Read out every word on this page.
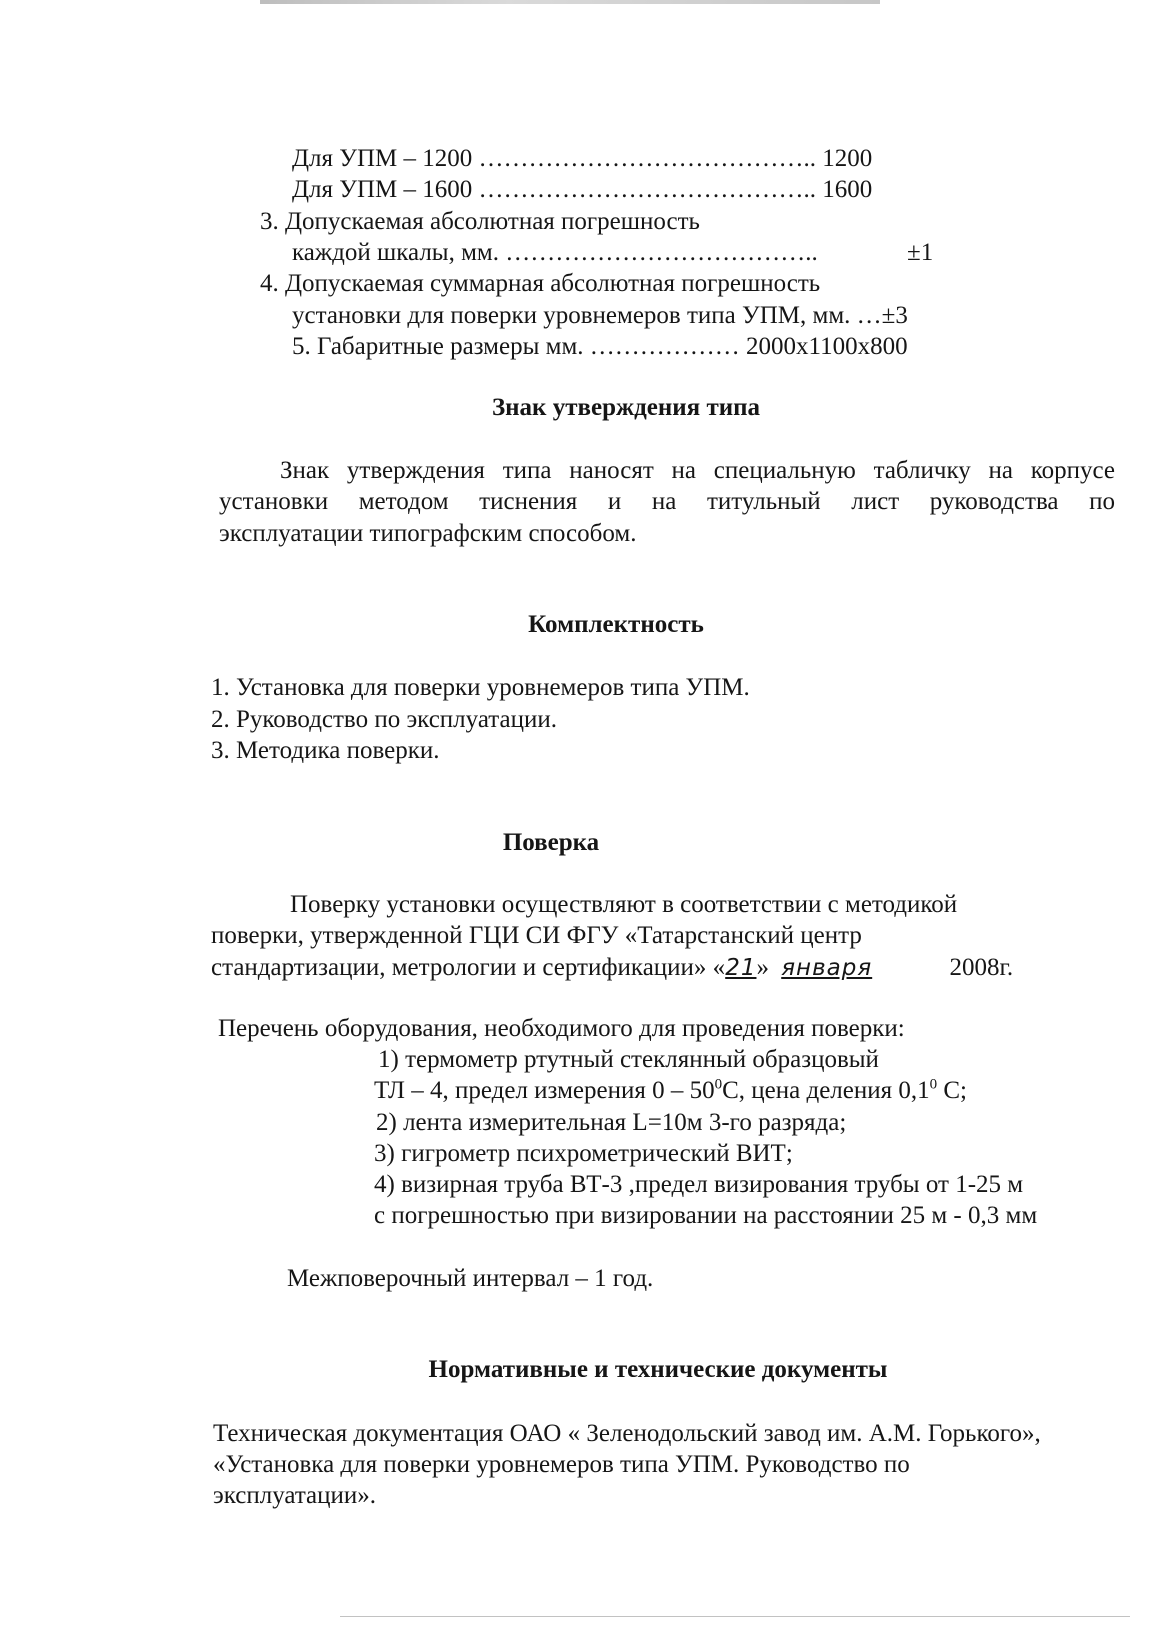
Для УПМ – 1200 ………………………………….. 1200
Для УПМ – 1600 ………………………………….. 1600
3. Допускаемая абсолютная погрешность
каждой шкалы, мм. ………………………………..	±1
4. Допускаемая суммарная абсолютная погрешность
установки для поверки уровнемеров типа УПМ, мм. …±3
5. Габаритные размеры мм. ……………… 2000х1100х800
Знак утверждения типа
Знак утверждения типа наносят на специальную табличку на корпусе
установки методом тиснения и на титульный лист руководства по
эксплуатации типографским способом.
Комплектность
1. Установка для поверки уровнемеров типа УПМ.
2. Руководство по эксплуатации.
3. Методика поверки.
Поверка
Поверку установки осуществляют в соответствии с методикой
поверки, утвержденной ГЦИ СИ ФГУ «Татарстанский центр
стандартизации, метрологии и сертификации» «21» января	2008г.
Перечень оборудования, необходимого для проведения поверки:
1) термометр ртутный стеклянный образцовый
ТЛ – 4, предел измерения $0 - 50^0С$, цена деления $0,1^0$ С;
2) лента измерительная L=10м 3-го разряда;
3) гигрометр психрометрический ВИТ;
4) визирная труба ВТ-3 ,предел визирования трубы от 1-25 м
с погрешностью при визировании на расстоянии 25 м - 0,3 мм
Межповерочный интервал – 1 год.
Нормативные и технические документы
Техническая документация ОАО « Зеленодольский завод им. А.М. Горького»,
«Установка для поверки уровнемеров типа УПМ. Руководство по
эксплуатации».
